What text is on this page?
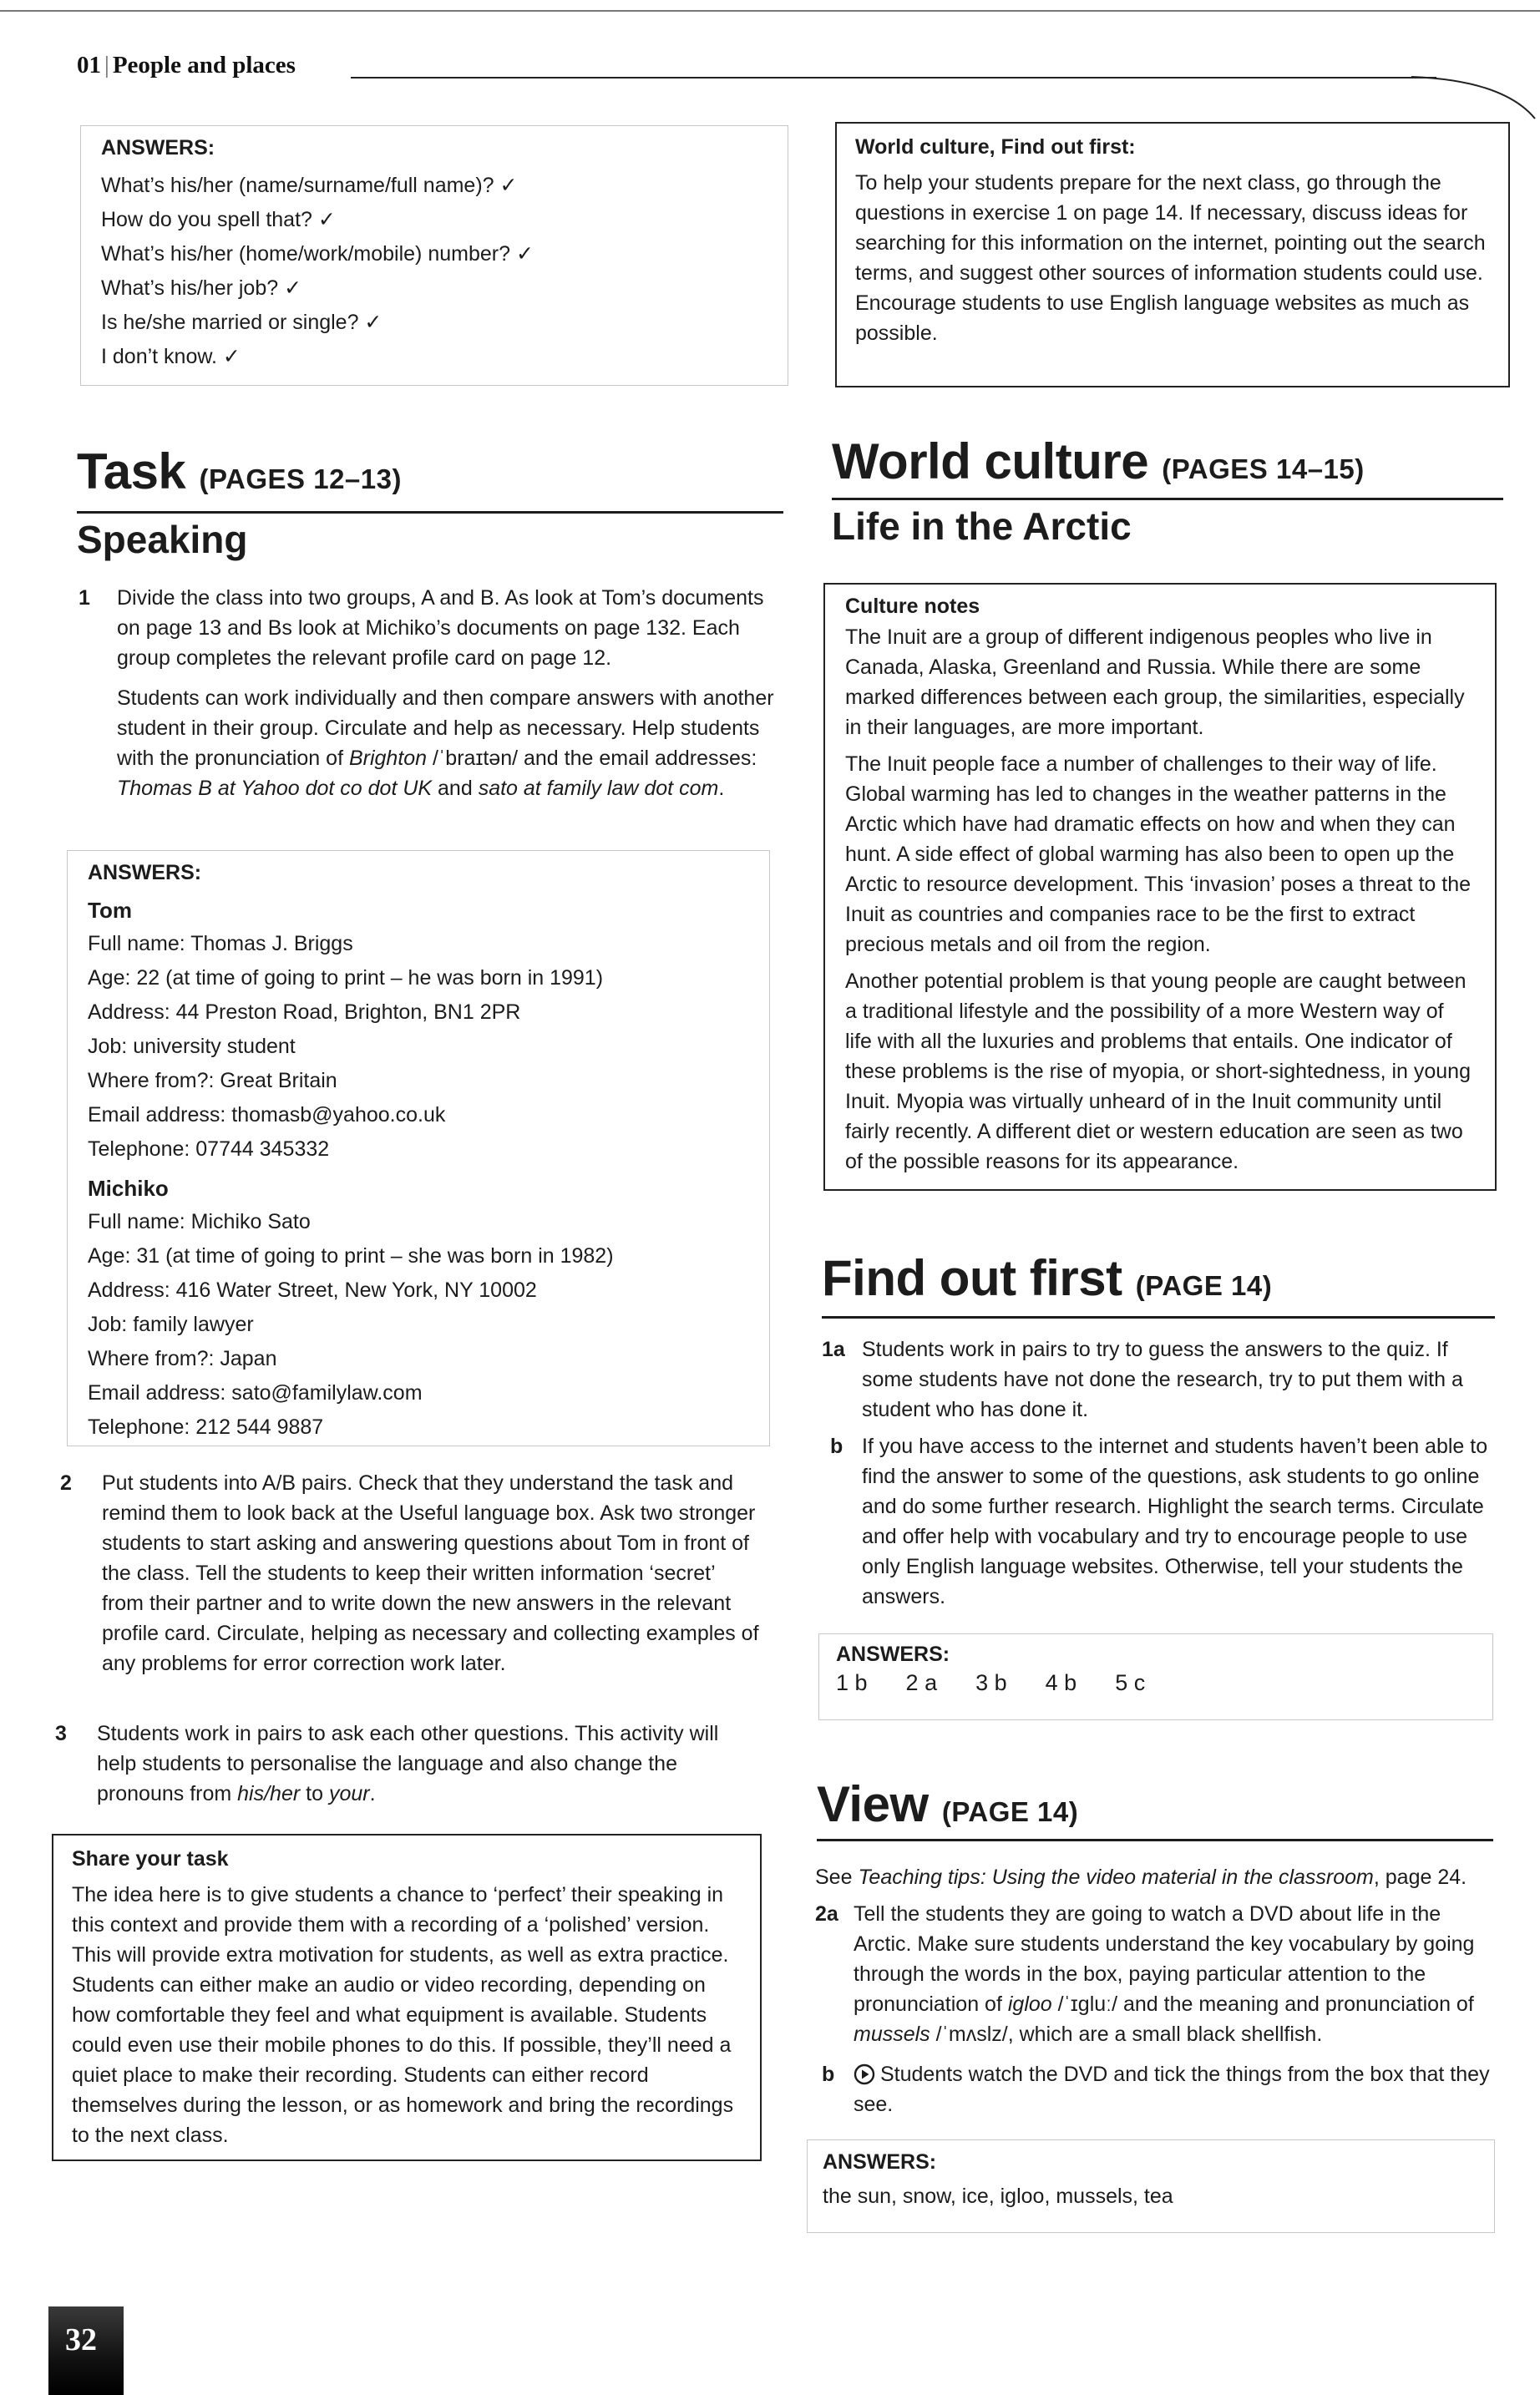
01 | People and places

ANSWERS:

What’s his/her (name/surname/full name)? ✓

How do you spell that? ✓

What’s his/her (home/work/mobile) number? ✓

What’s his/her job? ✓

Is he/she married or single? ✓

I don’t know. ✓

Task (PAGES 12–13)
Speaking
1 Divide the class into two groups, A and B. As look at Tom’s documents on page 13 and Bs look at Michiko’s documents on page 132. Each group completes the relevant profile card on page 12.

Students can work individually and then compare answers with another student in their group. Circulate and help as necessary. Help students with the pronunciation of Brighton /ˈbraɪtən/ and the email addresses: Thomas B at Yahoo dot co dot UK and sato at family law dot com.

ANSWERS:

Tom

Full name: Thomas J. Briggs

Age: 22 (at time of going to print – he was born in 1991)

Address: 44 Preston Road, Brighton, BN1 2PR

Job: university student

Where from?: Great Britain

Email address: thomasb@yahoo.co.uk

Telephone: 07744 345332

Michiko

Full name: Michiko Sato

Age: 31 (at time of going to print – she was born in 1982)

Address: 416 Water Street, New York, NY 10002

Job: family lawyer

Where from?: Japan

Email address: sato@familylaw.com

Telephone: 212 544 9887

2 Put students into A/B pairs. Check that they understand the task and remind them to look back at the Useful language box. Ask two stronger students to start asking and answering questions about Tom in front of the class. Tell the students to keep their written information ‘secret’ from their partner and to write down the new answers in the relevant profile card. Circulate, helping as necessary and collecting examples of any problems for error correction work later.

3 Students work in pairs to ask each other questions. This activity will help students to personalise the language and also change the pronouns from his/her to your.

Share your task

The idea here is to give students a chance to ‘perfect’ their speaking in this context and provide them with a recording of a ‘polished’ version. This will provide extra motivation for students, as well as extra practice. Students can either make an audio or video recording, depending on how comfortable they feel and what equipment is available. Students could even use their mobile phones to do this. If possible, they’ll need a quiet place to make their recording. Students can either record themselves during the lesson, or as homework and bring the recordings to the next class.

32

World culture, Find out first:

To help your students prepare for the next class, go through the questions in exercise 1 on page 14. If necessary, discuss ideas for searching for this information on the internet, pointing out the search terms, and suggest other sources of information students could use. Encourage students to use English language websites as much as possible.

World culture (PAGES 14–15)
Life in the Arctic

Culture notes

The Inuit are a group of different indigenous peoples who live in Canada, Alaska, Greenland and Russia. While there are some marked differences between each group, the similarities, especially in their languages, are more important.

The Inuit people face a number of challenges to their way of life. Global warming has led to changes in the weather patterns in the Arctic which have had dramatic effects on how and when they can hunt. A side effect of global warming has also been to open up the Arctic to resource development. This ‘invasion’ poses a threat to the Inuit as countries and companies race to be the first to extract precious metals and oil from the region.

Another potential problem is that young people are caught between a traditional lifestyle and the possibility of a more Western way of life with all the luxuries and problems that entails. One indicator of these problems is the rise of myopia, or short-sightedness, in young Inuit. Myopia was virtually unheard of in the Inuit community until fairly recently. A different diet or western education are seen as two of the possible reasons for its appearance.

Find out first (PAGE 14)
1a Students work in pairs to try to guess the answers to the quiz. If some students have not done the research, try to put them with a student who has done it.

b If you have access to the internet and students haven’t been able to find the answer to some of the questions, ask students to go online and do some further research. Highlight the search terms. Circulate and offer help with vocabulary and try to encourage people to use only English language websites. Otherwise, tell your students the answers.

ANSWERS:

1 b 2 a 3 b 4 b 5 c
View (PAGE 14)

See Teaching tips: Using the video material in the classroom, page 24.

2a Tell the students they are going to watch a DVD about life in the Arctic. Make sure students understand the key vocabulary by going through the words in the box, paying particular attention to the pronunciation of igloo /ˈɪgluː/ and the meaning and pronunciation of mussels /ˈmʌslz/, which are a small black shellfish.

b	Students watch the DVD and tick the things from the box that they see.

ANSWERS:

the sun, snow, ice, igloo, mussels, tea
